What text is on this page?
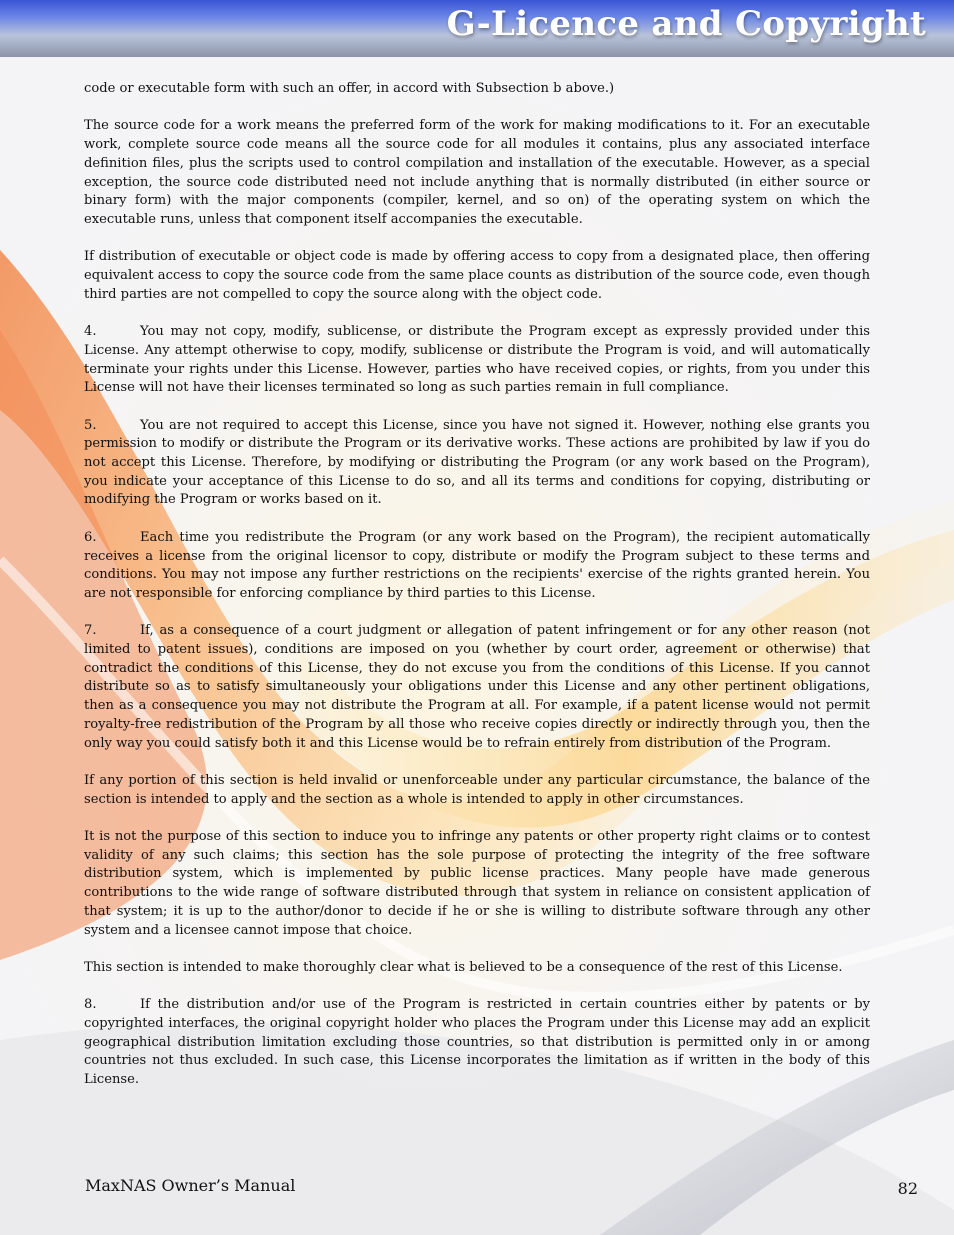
G-Licence and Copyright

code or executable form with such an offer, in accord with Subsection b above.)

The source code for a work means the preferred form of the work for making modifications to it. For an executable work, complete source code means all the source code for all modules it contains, plus any associated interface definition files, plus the scripts used to control compilation and installation of the executable. However, as a special exception, the source code distributed need not include anything that is normally distributed (in either source or binary form) with the major components (compiler, kernel, and so on) of the operating system on which the executable runs, unless that component itself accompanies the executable.

If distribution of executable or object code is made by offering access to copy from a designated place, then offering equivalent access to copy the source code from the same place counts as distribution of the source code, even though third parties are not compelled to copy the source along with the object code.

4.	You may not copy, modify, sublicense, or distribute the Program except as expressly provided under this License. Any attempt otherwise to copy, modify, sublicense or distribute the Program is void, and will automatically terminate your rights under this License. However, parties who have received copies, or rights, from you under this License will not have their licenses terminated so long as such parties remain in full compliance.

5.	You are not required to accept this License, since you have not signed it. However, nothing else grants you permission to modify or distribute the Program or its derivative works. These actions are prohibited by law if you do not accept this License. Therefore, by modifying or distributing the Program (or any work based on the Program), you indicate your acceptance of this License to do so, and all its terms and conditions for copying, distributing or modifying the Program or works based on it.

6.	Each time you redistribute the Program (or any work based on the Program), the recipient automatically receives a license from the original licensor to copy, distribute or modify the Program subject to these terms and conditions. You may not impose any further restrictions on the recipients' exercise of the rights granted herein. You are not responsible for enforcing compliance by third parties to this License.

7.	If, as a consequence of a court judgment or allegation of patent infringement or for any other reason (not limited to patent issues), conditions are imposed on you (whether by court order, agreement or otherwise) that contradict the conditions of this License, they do not excuse you from the conditions of this License. If you cannot distribute so as to satisfy simultaneously your obligations under this License and any other pertinent obligations, then as a consequence you may not distribute the Program at all. For example, if a patent license would not permit royalty-free redistribution of the Program by all those who receive copies directly or indirectly through you, then the only way you could satisfy both it and this License would be to refrain entirely from distribution of the Program.

If any portion of this section is held invalid or unenforceable under any particular circumstance, the balance of the section is intended to apply and the section as a whole is intended to apply in other circumstances.

It is not the purpose of this section to induce you to infringe any patents or other property right claims or to contest validity of any such claims; this section has the sole purpose of protecting the integrity of the free software distribution system, which is implemented by public license practices. Many people have made generous contributions to the wide range of software distributed through that system in reliance on consistent application of that system; it is up to the author/donor to decide if he or she is willing to distribute software through any other system and a licensee cannot impose that choice.

This section is intended to make thoroughly clear what is believed to be a consequence of the rest of this License.

8.	If the distribution and/or use of the Program is restricted in certain countries either by patents or by copyrighted interfaces, the original copyright holder who places the Program under this License may add an explicit geographical distribution limitation excluding those countries, so that distribution is permitted only in or among countries not thus excluded. In such case, this License incorporates the limitation as if written in the body of this License.

MaxNAS Owner’s Manual	82
